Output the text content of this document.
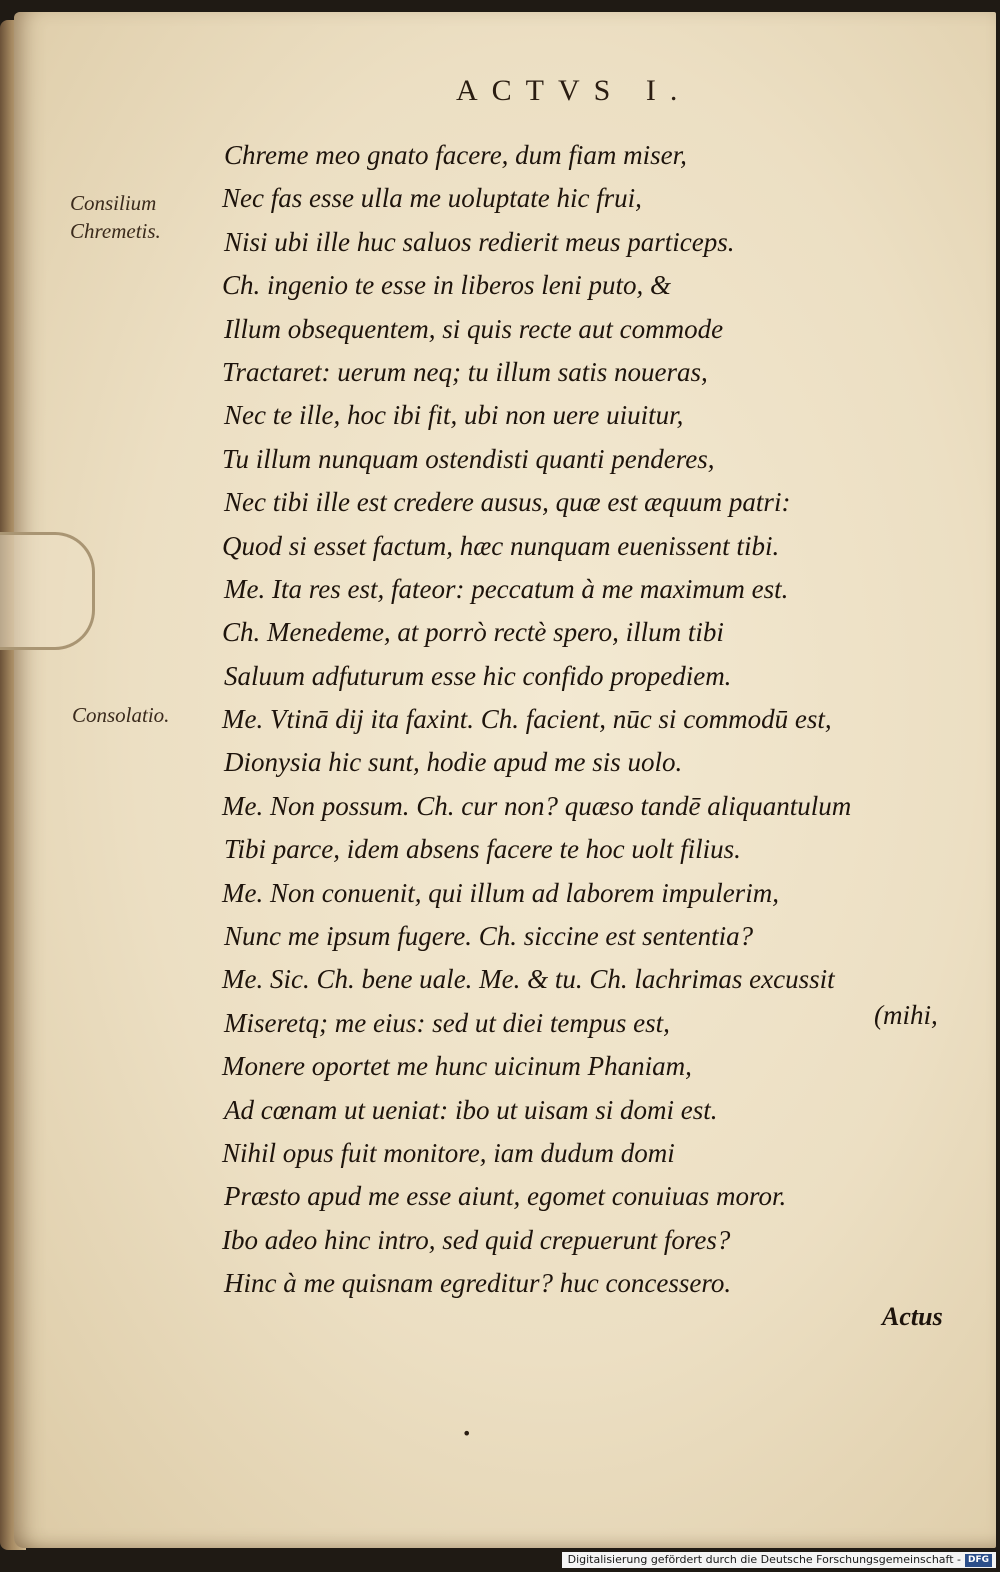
ACTVS I.
Consilium
Chremetis.
Consolatio.
Chreme meo gnato facere, dum fiam miser,
Nec fas esse ulla me uoluptate hic frui,
Nisi ubi ille huc saluos redierit meus particeps.
Ch. ingenio te esse in liberos leni puto, &
Illum obsequentem, si quis recte aut commode
Tractaret: uerum neq; tu illum satis noueras,
Nec te ille, hoc ibi fit, ubi non uere uiuitur,
Tu illum nunquam ostendisti quanti penderes,
Nec tibi ille est credere ausus, quæ est æquum patri:
Quod si esset factum, hæc nunquam euenissent tibi.
Me. Ita res est, fateor: peccatum à me maximum est.
Ch. Menedeme, at porrò rectè spero, illum tibi
Saluum adfuturum esse hic confido propediem.
Me. Vtinā dij ita faxint. Ch. facient, nūc si commodū est,
Dionysia hic sunt, hodie apud me sis uolo.
Me. Non possum. Ch. cur non? quæso tandē aliquantulum
Tibi parce, idem absens facere te hoc uolt filius.
Me. Non conuenit, qui illum ad laborem impulerim,
Nunc me ipsum fugere. Ch. siccine est sententia?
Me. Sic. Ch. bene uale. Me. & tu. Ch. lachrimas excussit
Miseretq; me eius: sed ut diei tempus est,
Monere oportet me hunc uicinum Phaniam,
Ad cœnam ut ueniat: ibo ut uisam si domi est.
Nihil opus fuit monitore, iam dudum domi
Præsto apud me esse aiunt, egomet conuiuas moror.
Ibo adeo hinc intro, sed quid crepuerunt fores?
Hinc à me quisnam egreditur? huc concessero.
(mihi,
Actus
•
Digitalisierung gefördert durch die Deutsche Forschungsgemeinschaft - DFG
